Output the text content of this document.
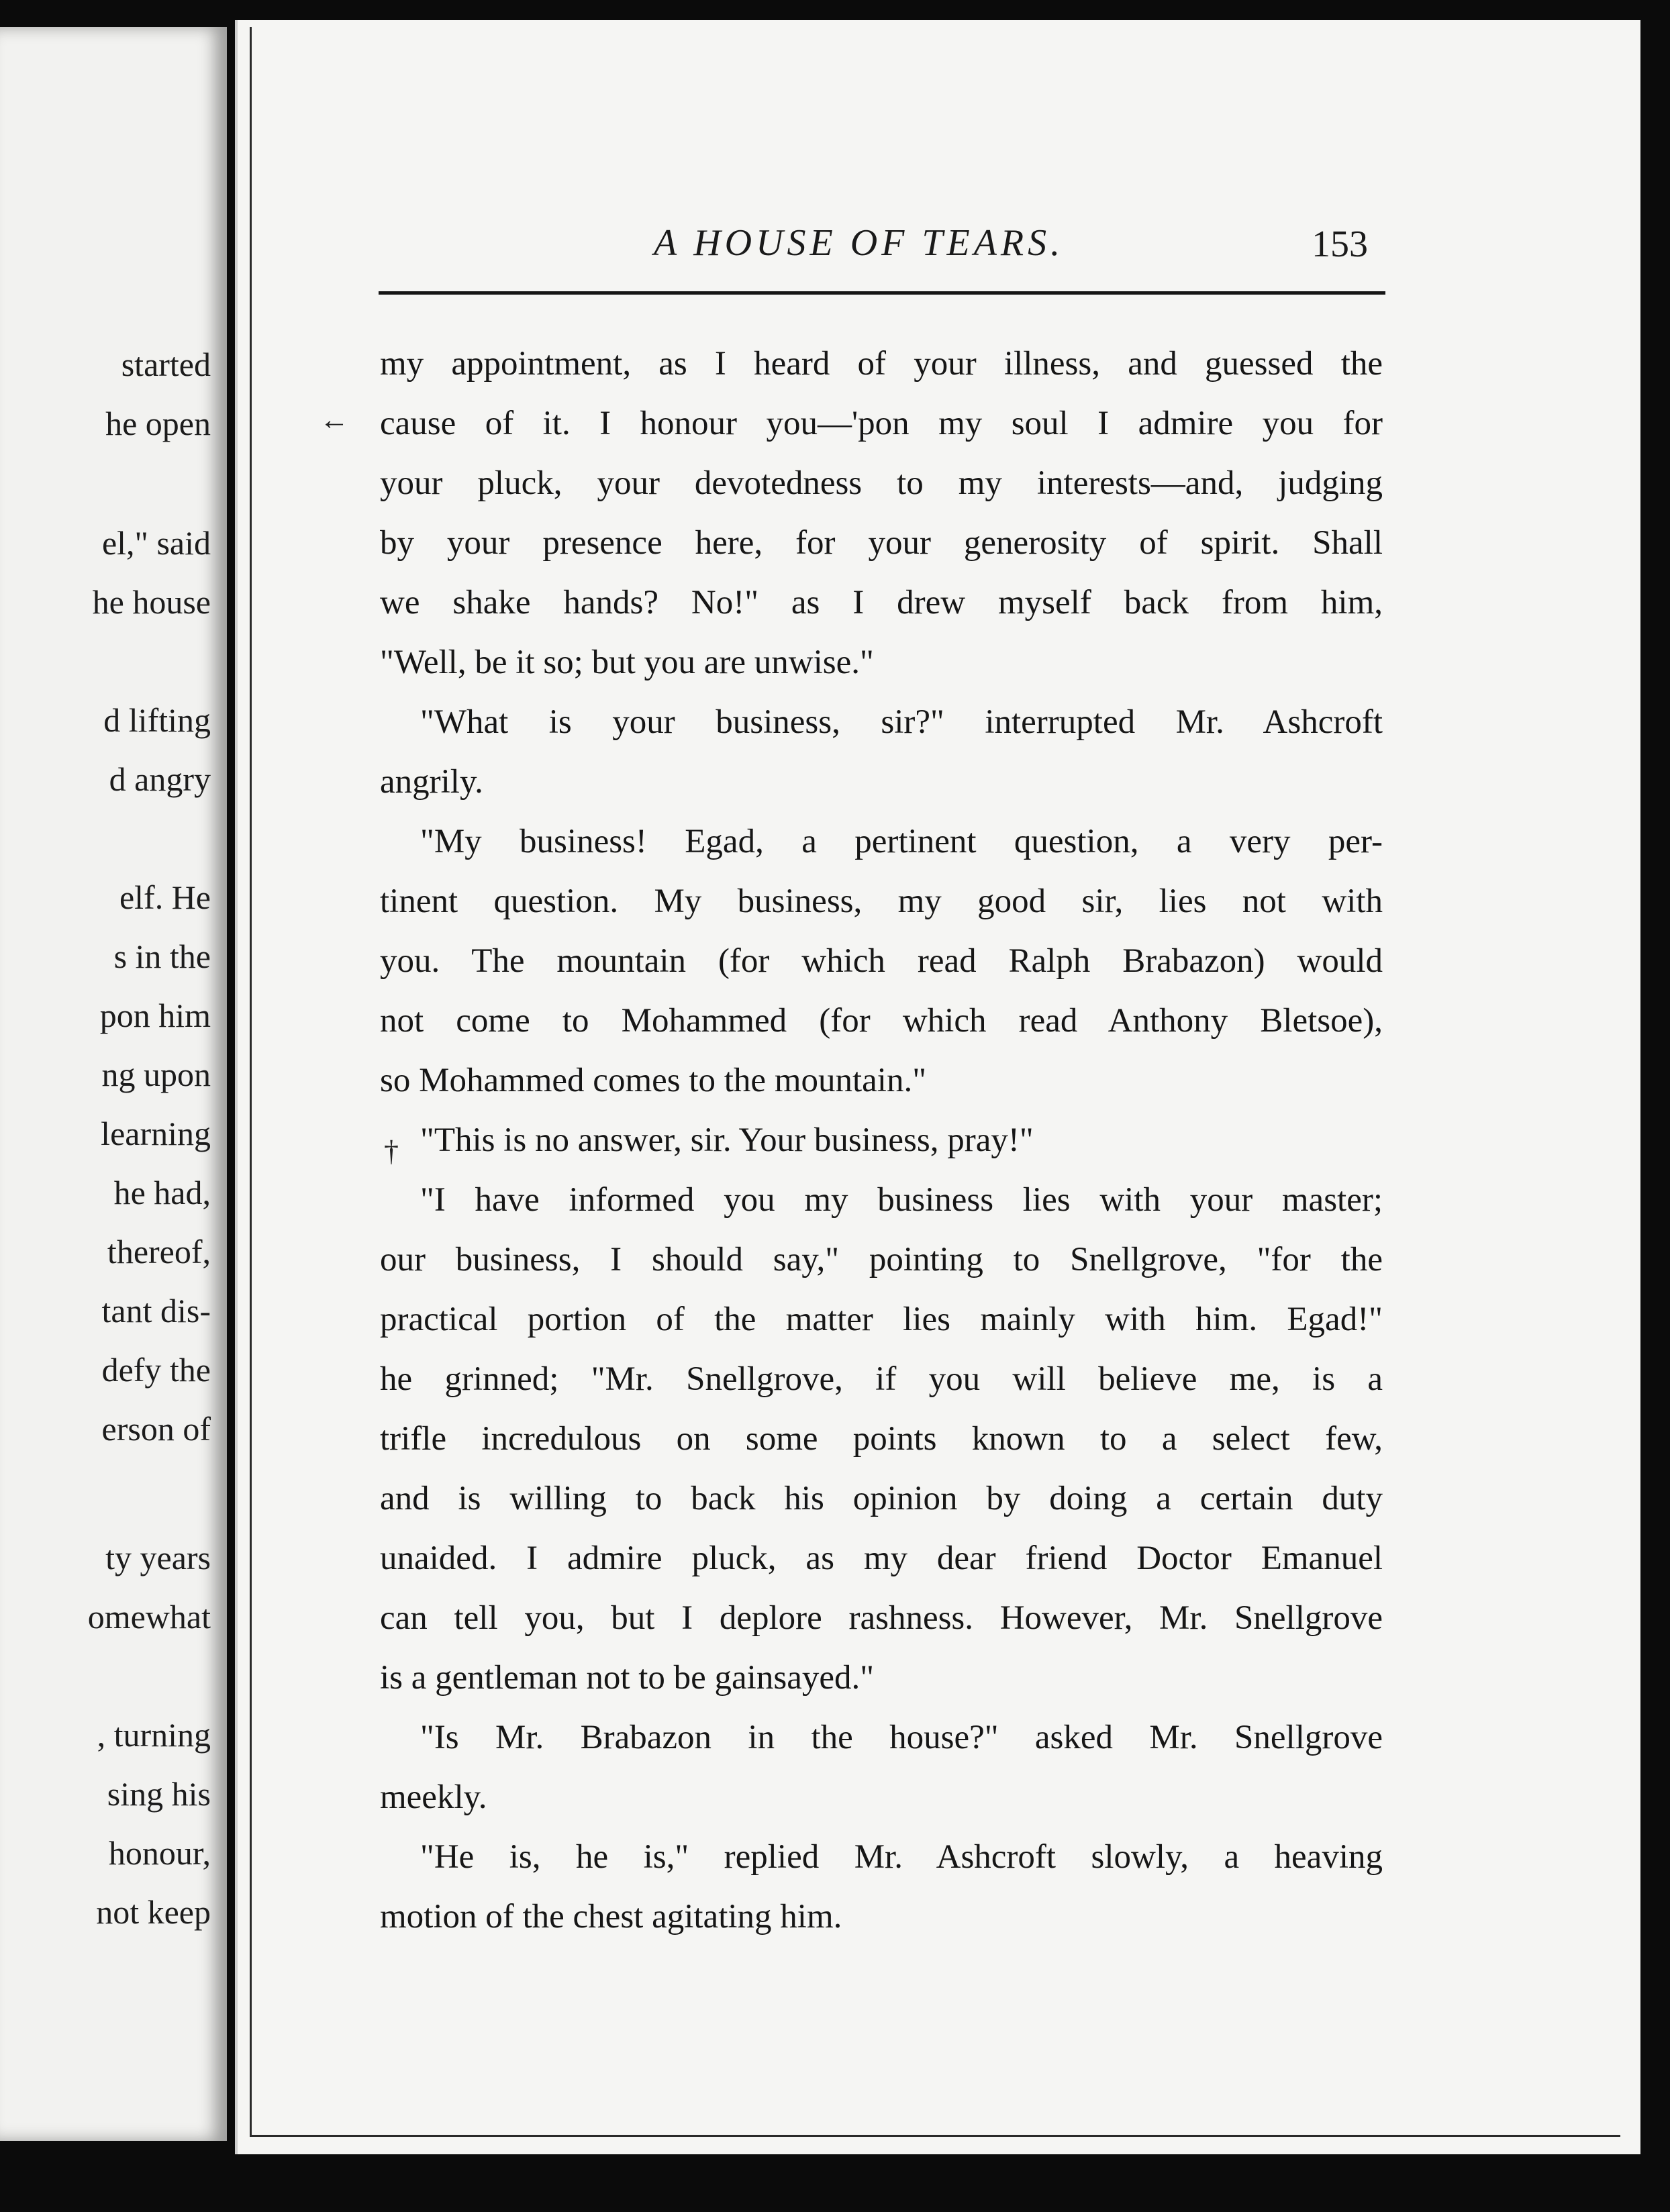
started
he open
el," said
he house
d lifting
d angry
elf. He
s in the
pon him
ng upon
learning
he had,
thereof,
tant dis-
defy the
erson of
ty years
omewhat
, turning
sing his
honour,
not keep
A HOUSE OF TEARS.	153
←
†
my appointment, as I heard of your illness, and guessed the
cause of it. I honour you—'pon my soul I admire you for
your pluck, your devotedness to my interests—and, judging
by your presence here, for your generosity of spirit. Shall
we shake hands? No!" as I drew myself back from him,
"Well, be it so; but you are unwise."
"What is your business, sir?" interrupted Mr. Ashcroft
angrily.
"My business! Egad, a pertinent question, a very per-
tinent question. My business, my good sir, lies not with
you. The mountain (for which read Ralph Brabazon) would
not come to Mohammed (for which read Anthony Bletsoe),
so Mohammed comes to the mountain."
"This is no answer, sir. Your business, pray!"
"I have informed you my business lies with your master;
our business, I should say," pointing to Snellgrove, "for the
practical portion of the matter lies mainly with him. Egad!"
he grinned; "Mr. Snellgrove, if you will believe me, is a
trifle incredulous on some points known to a select few,
and is willing to back his opinion by doing a certain duty
unaided. I admire pluck, as my dear friend Doctor Emanuel
can tell you, but I deplore rashness. However, Mr. Snellgrove
is a gentleman not to be gainsayed."
"Is Mr. Brabazon in the house?" asked Mr. Snellgrove
meekly.
"He is, he is," replied Mr. Ashcroft slowly, a heaving
motion of the chest agitating him.
